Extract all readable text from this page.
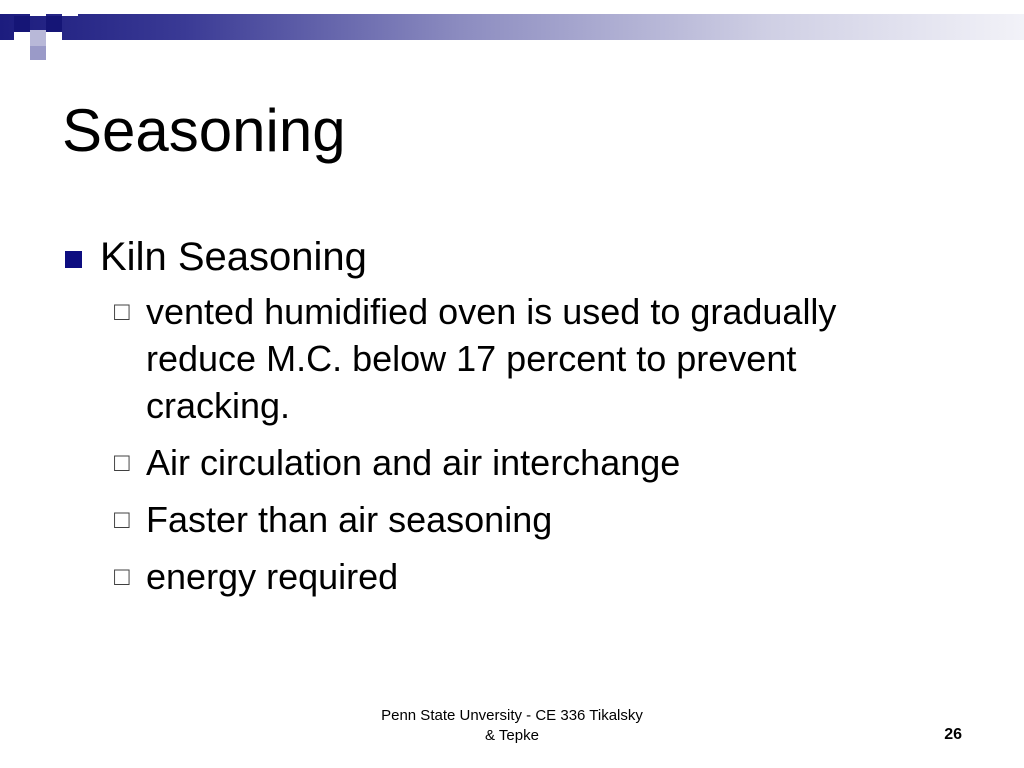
Seasoning
Kiln Seasoning
□ vented humidified oven is used to gradually reduce M.C. below 17 percent to prevent cracking.
□ Air circulation and air interchange
□ Faster than air seasoning
□ energy required
Penn State Unversity - CE 336 Tikalsky
& Tepke	26
